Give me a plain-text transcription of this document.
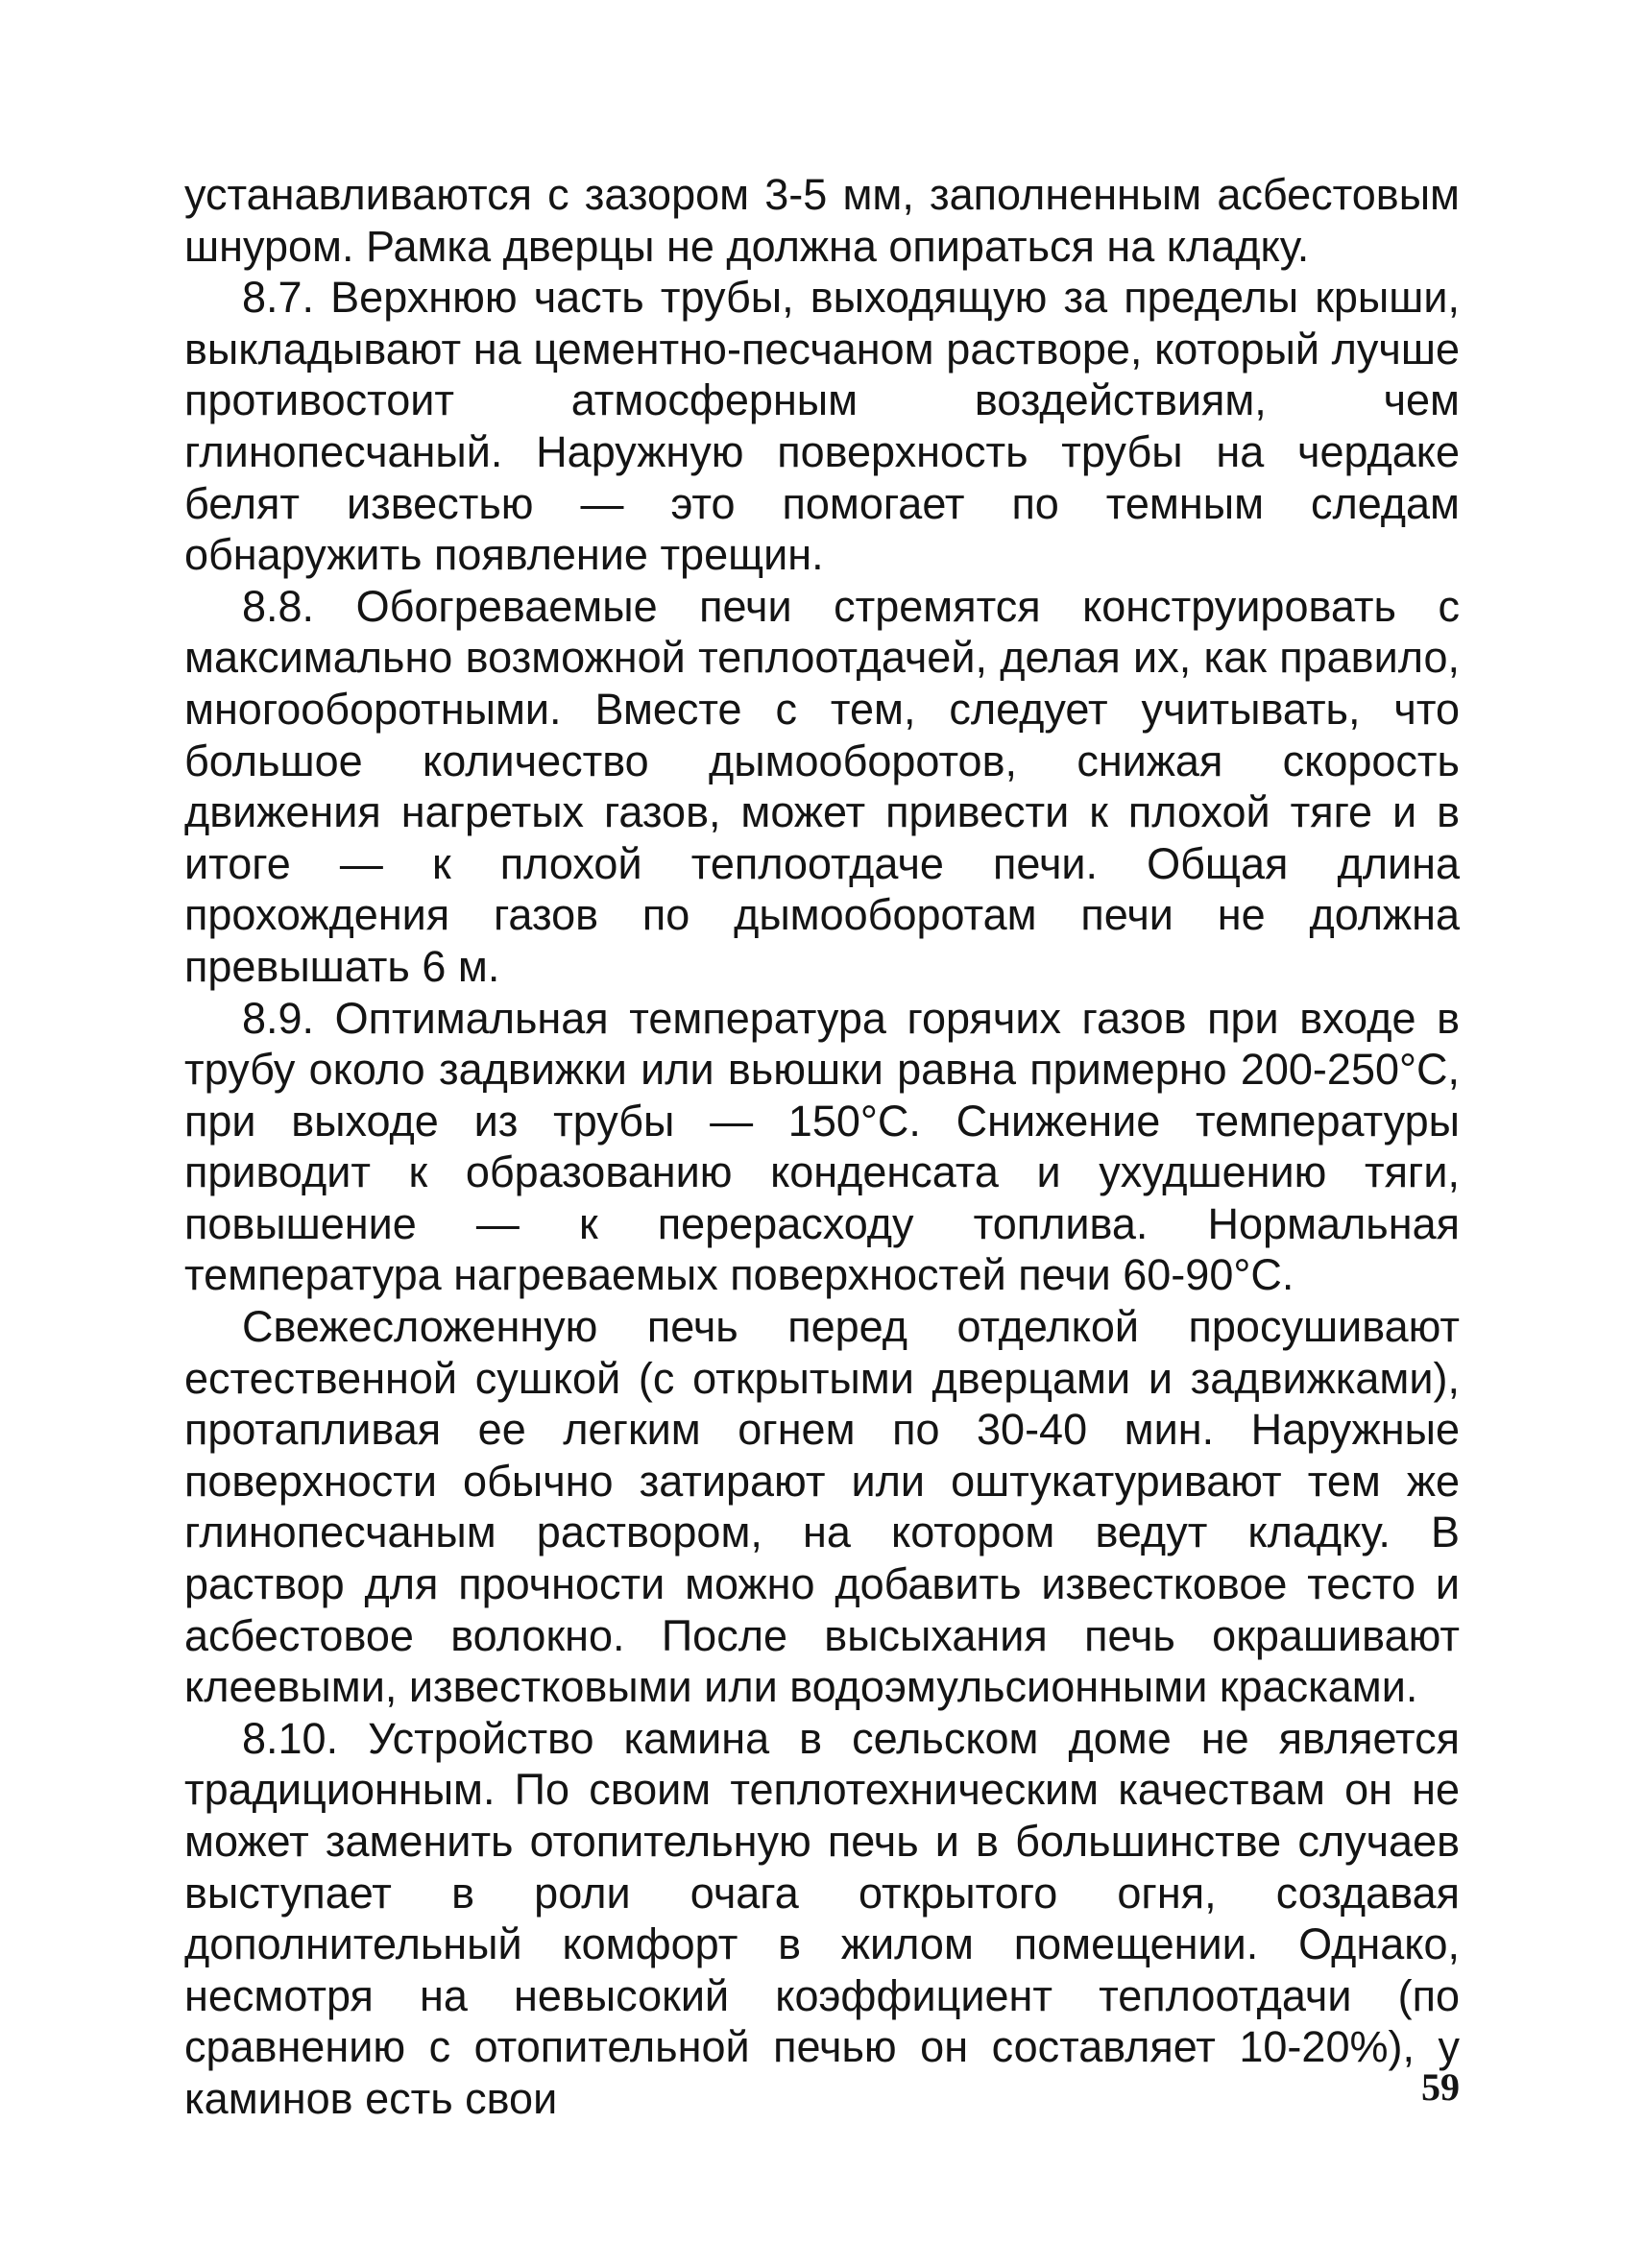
устанавливаются с зазором 3-5 мм, заполненным асбестовым шнуром. Рамка дверцы не должна опираться на кладку.

8.7. Верхнюю часть трубы, выходящую за пределы крыши, выкладывают на цементно-песчаном растворе, который лучше противостоит атмосферным воздействиям, чем глинопесчаный. Наружную поверхность трубы на чердаке белят известью — это помогает по темным следам обнаружить появление трещин.

8.8. Обогреваемые печи стремятся конструировать с максимально возможной теплоотдачей, делая их, как правило, многооборотными. Вместе с тем, следует учитывать, что большое количество дымооборотов, снижая скорость движения нагретых газов, может привести к плохой тяге и в итоге — к плохой теплоотдаче печи. Общая длина прохождения газов по дымооборотам печи не должна превышать 6 м.

8.9. Оптимальная температура горячих газов при входе в трубу около задвижки или вьюшки равна примерно 200-250°С, при выходе из трубы — 150°С. Снижение температуры приводит к образованию конденсата и ухудшению тяги, повышение — к перерасходу топлива. Нормальная температура нагреваемых поверхностей печи 60-90°С.

Свежесложенную печь перед отделкой просушивают естественной сушкой (с открытыми дверцами и задвижками), протапливая ее легким огнем по 30-40 мин. Наружные поверхности обычно затирают или оштукатуривают тем же глинопесчаным раствором, на котором ведут кладку. В раствор для прочности можно добавить известковое тесто и асбестовое волокно. После высыхания печь окрашивают клеевыми, известковыми или водоэмульсионными красками.

8.10. Устройство камина в сельском доме не является традиционным. По своим теплотехническим качествам он не может заменить отопительную печь и в большинстве случаев выступает в роли очага открытого огня, создавая дополнительный комфорт в жилом помещении. Однако, несмотря на невысокий коэффициент теплоотдачи (по сравнению с отопительной печью он составляет 10-20%), у каминов есть свои	59
